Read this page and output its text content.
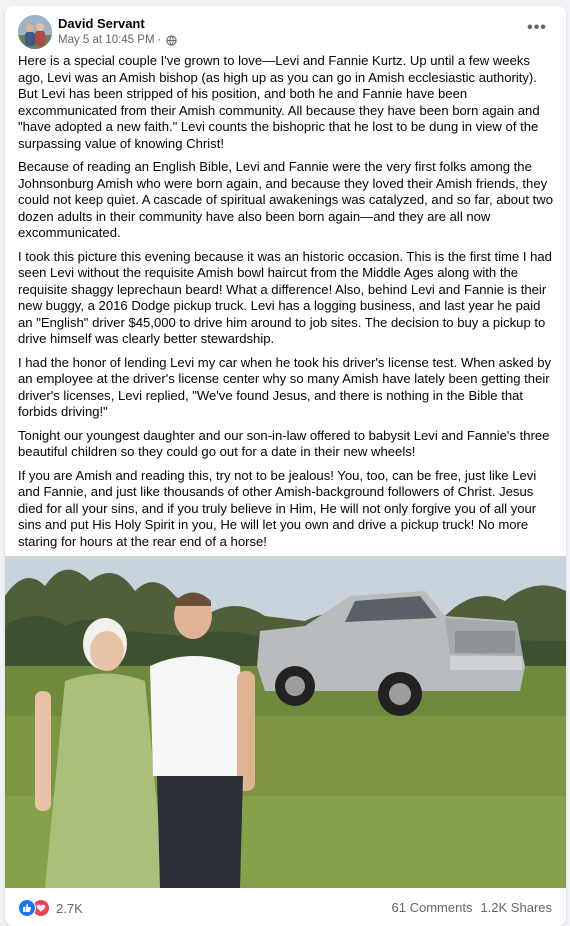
David Servant
May 5 at 10:45 PM ·
•••

Here is a special couple I've grown to love—Levi and Fannie Kurtz. Up until a few weeks ago, Levi was an Amish bishop (as high up as you can go in Amish ecclesiastic authority). But Levi has been stripped of his position, and both he and Fannie have been excommunicated from their Amish community. All because they have been born again and "have adopted a new faith." Levi counts the bishopric that he lost to be dung in view of the surpassing value of knowing Christ!

Because of reading an English Bible, Levi and Fannie were the very first folks among the Johnsonburg Amish who were born again, and because they loved their Amish friends, they could not keep quiet. A cascade of spiritual awakenings was catalyzed, and so far, about two dozen adults in their community have also been born again—and they are all now excommunicated.

I took this picture this evening because it was an historic occasion. This is the first time I had seen Levi without the requisite Amish bowl haircut from the Middle Ages along with the requisite shaggy leprechaun beard! What a difference! Also, behind Levi and Fannie is their new buggy, a 2016 Dodge pickup truck. Levi has a logging business, and last year he paid an "English" driver $45,000 to drive him around to job sites. The decision to buy a pickup to drive himself was clearly better stewardship.

I had the honor of lending Levi my car when he took his driver's license test. When asked by an employee at the driver's license center why so many Amish have lately been getting their driver's licenses, Levi replied, "We've found Jesus, and there is nothing in the Bible that forbids driving!"

Tonight our youngest daughter and our son-in-law offered to babysit Levi and Fannie's three beautiful children so they could go out for a date in their new wheels!

If you are Amish and reading this, try not to be jealous! You, too, can be free, just like Levi and Fannie, and just like thousands of other Amish-background followers of Christ. Jesus died for all your sins, and if you truly believe in Him, He will not only forgive you of all your sins and put His Holy Spirit in you, He will let you own and drive a pickup truck! No more staring for hours at the rear end of a horse!

2.7K	61 Comments 1.2K Shares
